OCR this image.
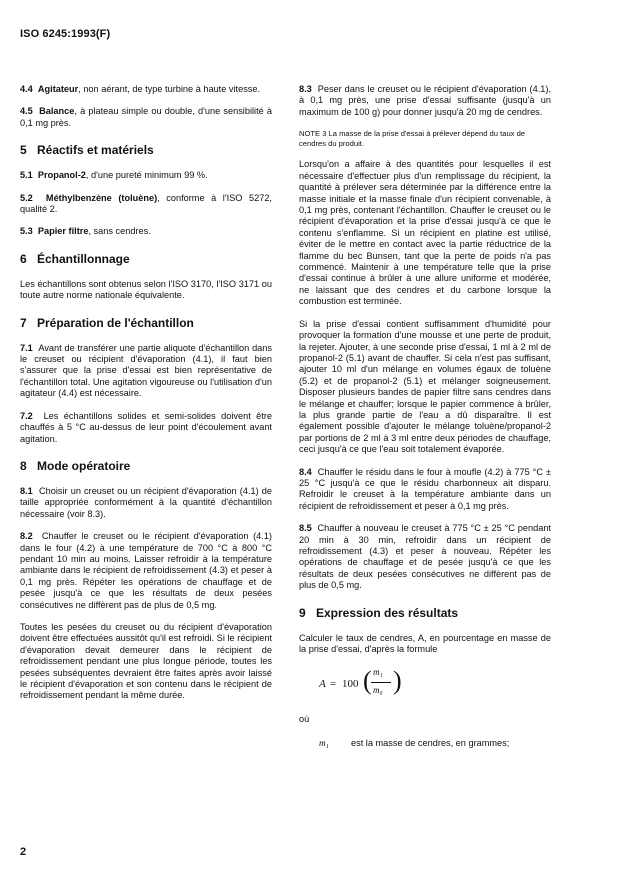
ISO 6245:1993(F)

4.4 Agitateur, non aérant, de type turbine à haute vitesse.

4.5 Balance, à plateau simple ou double, d'une sensibilité à 0,1 mg près.

5 Réactifs et matériels

5.1 Propanol-2, d'une pureté minimum 99 %.

5.2 Méthylbenzène (toluène), conforme à l'ISO 5272, qualité 2.

5.3 Papier filtre, sans cendres.

6 Échantillonnage

Les échantillons sont obtenus selon l'ISO 3170, l'ISO 3171 ou toute autre norme nationale équivalente.

7 Préparation de l'échantillon

7.1 Avant de transférer une partie aliquote d'échantillon dans le creuset ou récipient d'évaporation (4.1), il faut bien s'assurer que la prise d'essai est bien représentative de l'échantillon total. Une agitation vigoureuse ou l'utilisation d'un agitateur (4.4) est nécessaire.

7.2 Les échantillons solides et semi-solides doivent être chauffés à 5 °C au-dessus de leur point d'écoulement avant agitation.

8 Mode opératoire

8.1 Choisir un creuset ou un récipient d'évaporation (4.1) de taille appropriée conformément à la quantité d'échantillon nécessaire (voir 8.3).

8.2 Chauffer le creuset ou le récipient d'évaporation (4.1) dans le four (4.2) à une température de 700 °C à 800 °C pendant 10 min au moins. Laisser refroidir à la température ambiante dans le récipient de refroidissement (4.3) et peser à 0,1 mg près. Répéter les opérations de chauffage et de pesée jusqu'à ce que les résultats de deux pesées consécutives ne diffèrent pas de plus de 0,5 mg.

Toutes les pesées du creuset ou du récipient d'évaporation doivent être effectuées aussitôt qu'il est refroidi. Si le récipient d'évaporation devait demeurer dans le récipient de refroidissement pendant une plus longue période, toutes les pesées subséquentes devraient être faites après avoir laissé le récipient d'évaporation et son contenu dans le récipient de refroidissement pendant la même durée.

8.3 Peser dans le creuset ou le récipient d'évaporation (4.1), à 0,1 mg près, une prise d'essai suffisante (jusqu'à un maximum de 100 g) pour donner jusqu'à 20 mg de cendres.

NOTE 3 La masse de la prise d'essai à prélever dépend du taux de cendres du produit.

Lorsqu'on a affaire à des quantités pour lesquelles il est nécessaire d'effectuer plus d'un remplissage du récipient, la quantité à prélever sera déterminée par la différence entre la masse initiale et la masse finale d'un récipient convenable, à 0,1 mg près, contenant l'échantillon. Chauffer le creuset ou le récipient d'évaporation et la prise d'essai jusqu'à ce que le contenu s'enflamme. Si un récipient en platine est utilisé, éviter de le mettre en contact avec la partie réductrice de la flamme du bec Bunsen, tant que la perte de poids n'a pas commencé. Maintenir à une température telle que la prise d'essai continue à brûler à une allure uniforme et modérée, ne laissant que des cendres et du carbone lorsque la combustion est terminée.

Si la prise d'essai contient suffisamment d'humidité pour provoquer la formation d'une mousse et une perte de produit, la rejeter. Ajouter, à une seconde prise d'essai, 1 ml à 2 ml de propanol-2 (5.1) avant de chauffer. Si cela n'est pas suffisant, ajouter 10 ml d'un mélange en volumes égaux de toluène (5.2) et de propanol-2 (5.1) et mélanger soigneusement. Disposer plusieurs bandes de papier filtre sans cendres dans le mélange et chauffer; lorsque le papier commence à brûler, la plus grande partie de l'eau a dû disparaître. Il est également possible d'ajouter le mélange toluène/propanol-2 par portions de 2 ml à 3 ml entre deux périodes de chauffage, ceci jusqu'à ce que l'eau soit totalement évaporée.

8.4 Chauffer le résidu dans le four à moufle (4.2) à 775 °C ± 25 °C jusqu'à ce que le résidu charbonneux ait disparu. Refroidir le creuset à la température ambiante dans un récipient de refroidissement et peser à 0,1 mg près.

8.5 Chauffer à nouveau le creuset à 775 °C ± 25 °C pendant 20 min à 30 min, refroidir dans un récipient de refroidissement (4.3) et peser à nouveau. Répéter les opérations de chauffage et de pesée jusqu'à ce que les résultats de deux pesées consécutives ne diffèrent pas de plus de 0,5 mg.

9 Expression des résultats

Calculer le taux de cendres, A, en pourcentage en masse de la prise d'essai, d'après la formule

A = 100 ( m₁
m₀ )
où
m₁ est la masse de cendres, en grammes;
2
